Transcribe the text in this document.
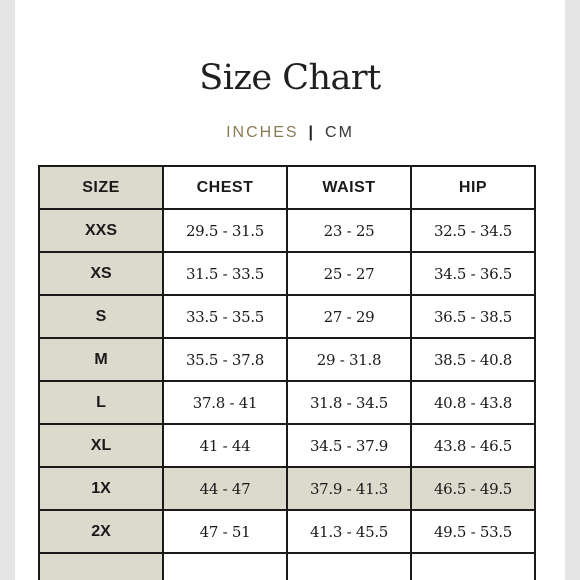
Size Chart
INCHES | CM
SIZE	CHEST	WAIST	HIP
XXS	29.5 - 31.5	23 - 25	32.5 - 34.5
XS	31.5 - 33.5	25 - 27	34.5 - 36.5
S	33.5 - 35.5	27 - 29	36.5 - 38.5
M	35.5 - 37.8	29 - 31.8	38.5 - 40.8
L	37.8 - 41	31.8 - 34.5	40.8 - 43.8
XL	41 - 44	34.5 - 37.9	43.8 - 46.5
1X	44 - 47	37.9 - 41.3	46.5 - 49.5
2X	47 - 51	41.3 - 45.5	49.5 - 53.5
